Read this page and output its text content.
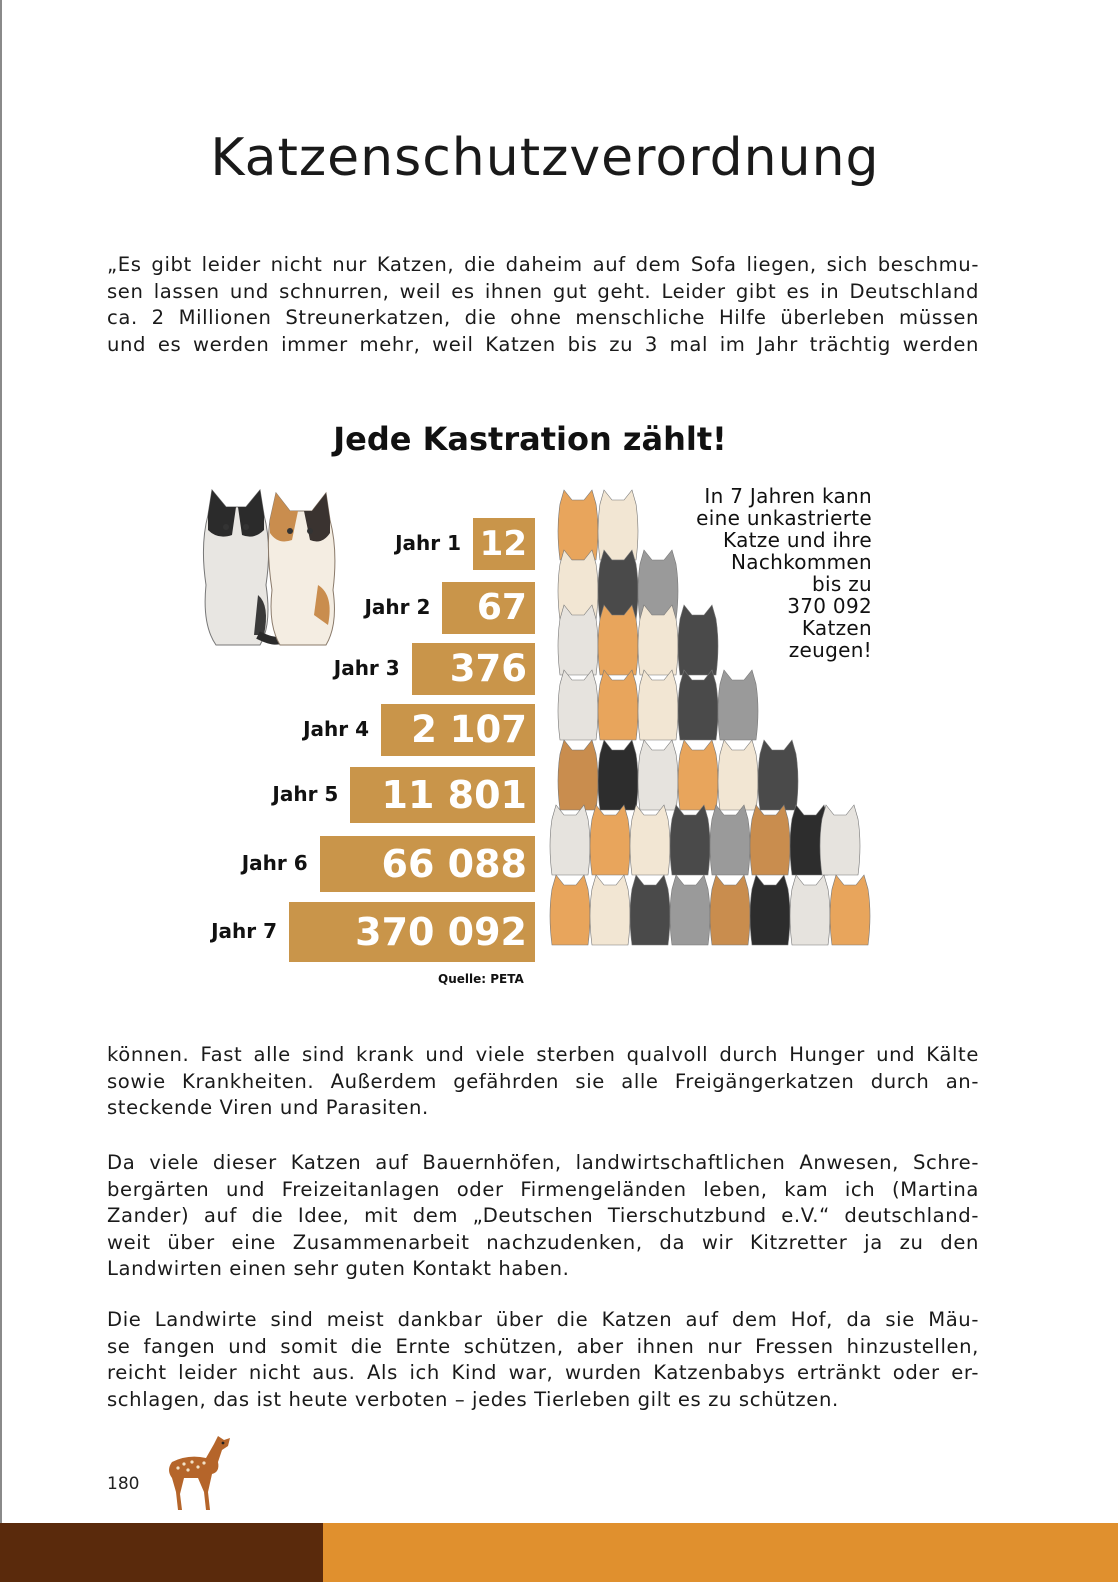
Katzenschutzverordnung

„Es gibt leider nicht nur Katzen, die daheim auf dem Sofa liegen, sich beschmu-
sen lassen und schnurren, weil es ihnen gut geht. Leider gibt es in Deutschland
ca. 2 Millionen Streunerkatzen, die ohne menschliche Hilfe überleben müssen
und es werden immer mehr, weil Katzen bis zu 3 mal im Jahr trächtig werden

Jede Kastration zählt!
12
Jahr 1
67
Jahr 2
376
Jahr 3
2 107
Jahr 4
11 801
Jahr 5
66 088
Jahr 6
370 092
Jahr 7
Quelle: PETA
In 7 Jahren kann
eine unkastrierte
Katze und ihre
Nachkommen
bis zu
370 092
Katzen
zeugen!

können. Fast alle sind krank und viele sterben qualvoll durch Hunger und Kälte
sowie Krankheiten. Außerdem gefährden sie alle Freigängerkatzen durch an-
steckende Viren und Parasiten.

Da viele dieser Katzen auf Bauernhöfen, landwirtschaftlichen Anwesen, Schre-
bergärten und Freizeitanlagen oder Firmengeländen leben, kam ich (Martina
Zander) auf die Idee, mit dem „Deutschen Tierschutzbund e.V.“ deutschland-
weit über eine Zusammenarbeit nachzudenken, da wir Kitzretter ja zu den
Landwirten einen sehr guten Kontakt haben.

Die Landwirte sind meist dankbar über die Katzen auf dem Hof, da sie Mäu-
se fangen und somit die Ernte schützen, aber ihnen nur Fressen hinzustellen,
reicht leider nicht aus. Als ich Kind war, wurden Katzenbabys ertränkt oder er-
schlagen, das ist heute verboten – jedes Tierleben gilt es zu schützen.

180
